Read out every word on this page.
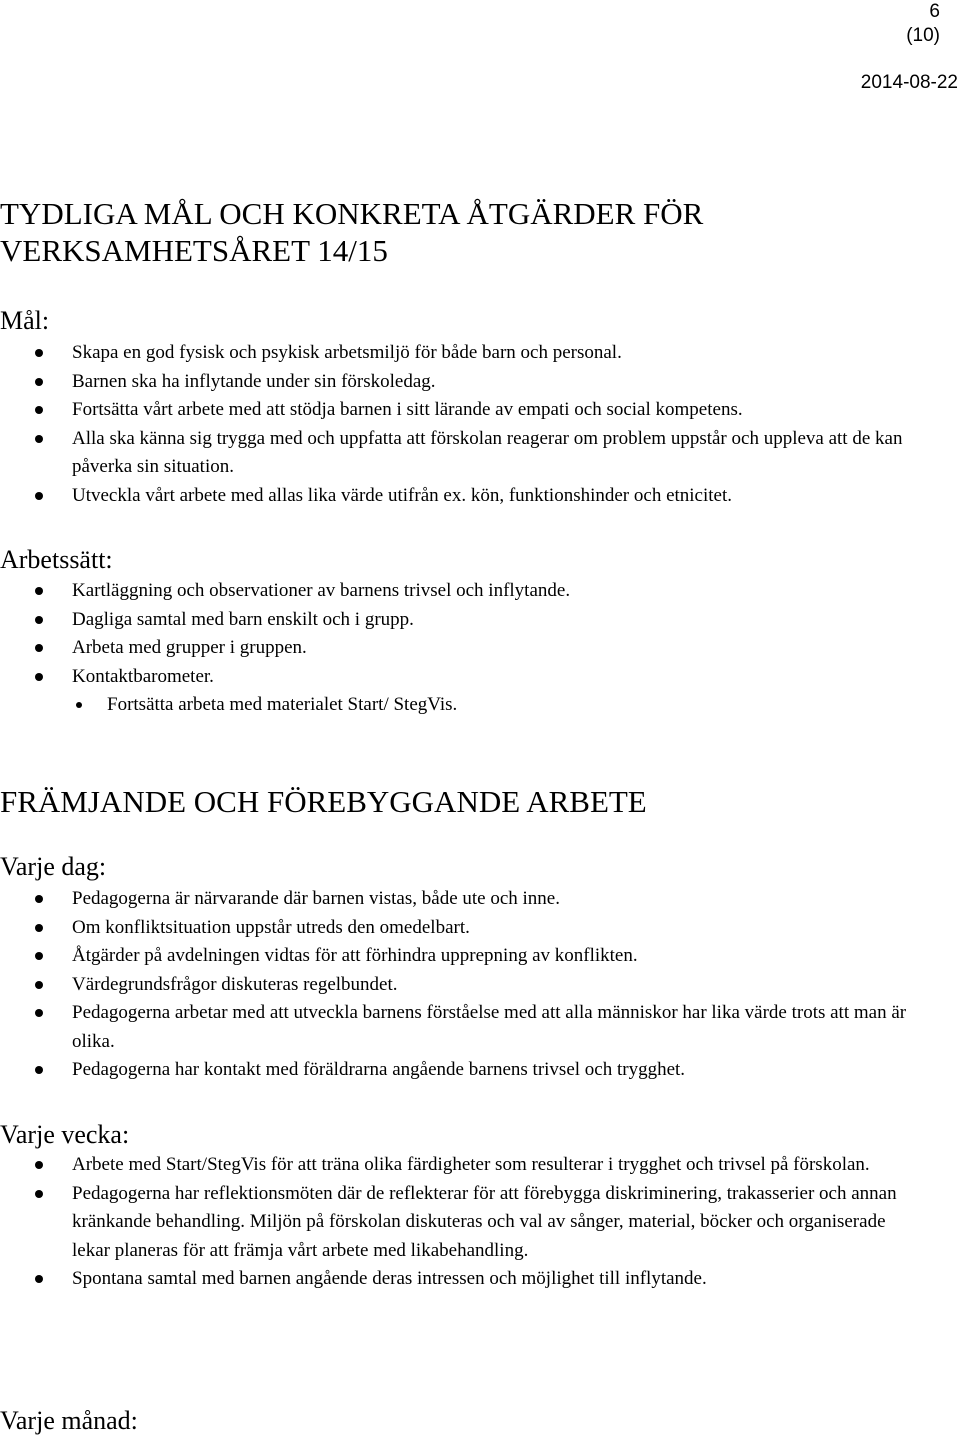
6
(10)
2014-08-22
TYDLIGA MÅL OCH KONKRETA ÅTGÄRDER FÖR
VERKSAMHETSÅRET 14/15
Mål:
Skapa en god fysisk och psykisk arbetsmiljö för både barn och personal.
Barnen ska ha inflytande under sin förskoledag.
Fortsätta vårt arbete med att stödja barnen i sitt lärande av empati och social kompetens.
Alla ska känna sig trygga med och uppfatta att förskolan reagerar om problem uppstår och uppleva att de kan påverka sin situation.
Utveckla vårt arbete med allas lika värde utifrån ex. kön, funktionshinder och etnicitet.
Arbetssätt:
Kartläggning och observationer av barnens trivsel och inflytande.
Dagliga samtal med barn enskilt och i grupp.
Arbeta med grupper i gruppen.
Kontaktbarometer.
Fortsätta arbeta med materialet Start/ StegVis.
FRÄMJANDE OCH FÖREBYGGANDE ARBETE
Varje dag:
Pedagogerna är närvarande där barnen vistas, både ute och inne.
Om konfliktsituation uppstår utreds den omedelbart.
Åtgärder på avdelningen vidtas för att förhindra upprepning av konflikten.
Värdegrundsfrågor diskuteras regelbundet.
Pedagogerna arbetar med att utveckla barnens förståelse med att alla människor har lika värde trots att man är olika.
Pedagogerna har kontakt med föräldrarna angående barnens trivsel och trygghet.
Varje vecka:
Arbete med Start/StegVis för att träna olika färdigheter som resulterar i trygghet och trivsel på förskolan.
Pedagogerna har reflektionsmöten där de reflekterar för att förebygga diskriminering, trakasserier och annan kränkande behandling. Miljön på förskolan diskuteras och val av sånger, material, böcker och organiserade lekar planeras för att främja vårt arbete med likabehandling.
Spontana samtal med barnen angående deras intressen och möjlighet till inflytande.
Varje månad:
